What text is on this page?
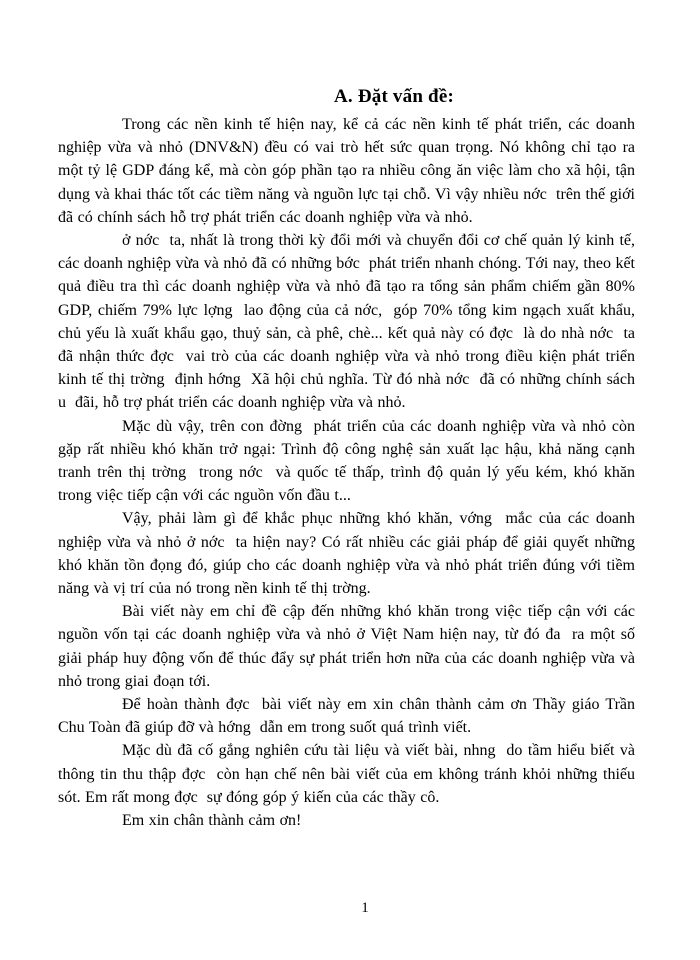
A. Đặt vấn đề:

Trong các nền kinh tế hiện nay, kể cả các nền kinh tế phát triển, các doanh nghiệp vừa và nhỏ (DNV&N) đều có vai trò hết sức quan trọng. Nó không chỉ tạo ra một tỷ lệ GDP đáng kể, mà còn góp phần tạo ra nhiều công ăn việc làm cho xã hội, tận dụng và khai thác tốt các tiềm năng và nguồn lực tại chỗ. Vì vậy nhiều nớc  trên thế giới đã có chính sách hỗ trợ phát triển các doanh nghiệp vừa và nhỏ.

ở nớc  ta, nhất là trong thời kỳ đổi mới và chuyển đổi cơ chế quản lý kinh tế, các doanh nghiệp vừa và nhỏ đã có những bớc  phát triển nhanh chóng. Tới nay, theo kết quả điều tra thì các doanh nghiệp vừa và nhỏ đã tạo ra tổng sản phẩm chiếm gần 80% GDP, chiếm 79% lực lợng  lao động của cả nớc,  góp 70% tổng kim ngạch xuất khẩu, chủ yếu là xuất khẩu gạo, thuỷ sản, cà phê, chè... kết quả này có đợc  là do nhà nớc  ta đã nhận thức đợc  vai trò của các doanh nghiệp vừa và nhỏ trong điều kiện phát triển kinh tế thị trờng  định hớng  Xã hội chủ nghĩa. Từ đó nhà nớc  đã có những chính sách u  đãi, hỗ trợ phát triển các doanh nghiệp vừa và nhỏ.

Mặc dù vậy, trên con đờng  phát triển của các doanh nghiệp vừa và nhỏ còn gặp rất nhiều khó khăn trở ngại: Trình độ công nghệ sản xuất lạc hậu, khả năng cạnh tranh trên thị trờng  trong nớc  và quốc tế thấp, trình độ quản lý yếu kém, khó khăn trong việc tiếp cận với các nguồn vốn đầu t...

Vậy, phải làm gì để khắc phục những khó khăn, vớng  mắc của các doanh nghiệp vừa và nhỏ ở nớc  ta hiện nay? Có rất nhiều các giải pháp để giải quyết những khó khăn tồn đọng đó, giúp cho các doanh nghiệp vừa và nhỏ phát triển đúng với tiềm năng và vị trí của nó trong nền kinh tế thị trờng.

Bài viết này em chỉ đề cập đến những khó khăn trong việc tiếp cận với các nguồn vốn tại các doanh nghiệp vừa và nhỏ ở Việt Nam hiện nay, từ đó đa  ra một số giải pháp huy động vốn để thúc đẩy sự phát triển hơn nữa của các doanh nghiệp vừa và nhỏ trong giai đoạn tới.

Để hoàn thành đợc  bài viết này em xin chân thành cảm ơn Thầy giáo Trần Chu Toàn đã giúp đỡ và hớng  dẫn em trong suốt quá trình viết.

Mặc dù đã cố gắng nghiên cứu tài liệu và viết bài, nhng  do tầm hiểu biết và thông tin thu thập đợc  còn hạn chế nên bài viết của em không tránh khỏi những thiếu sót. Em rất mong đợc  sự đóng góp ý kiến của các thầy cô.

Em xin chân thành cảm ơn!

1
